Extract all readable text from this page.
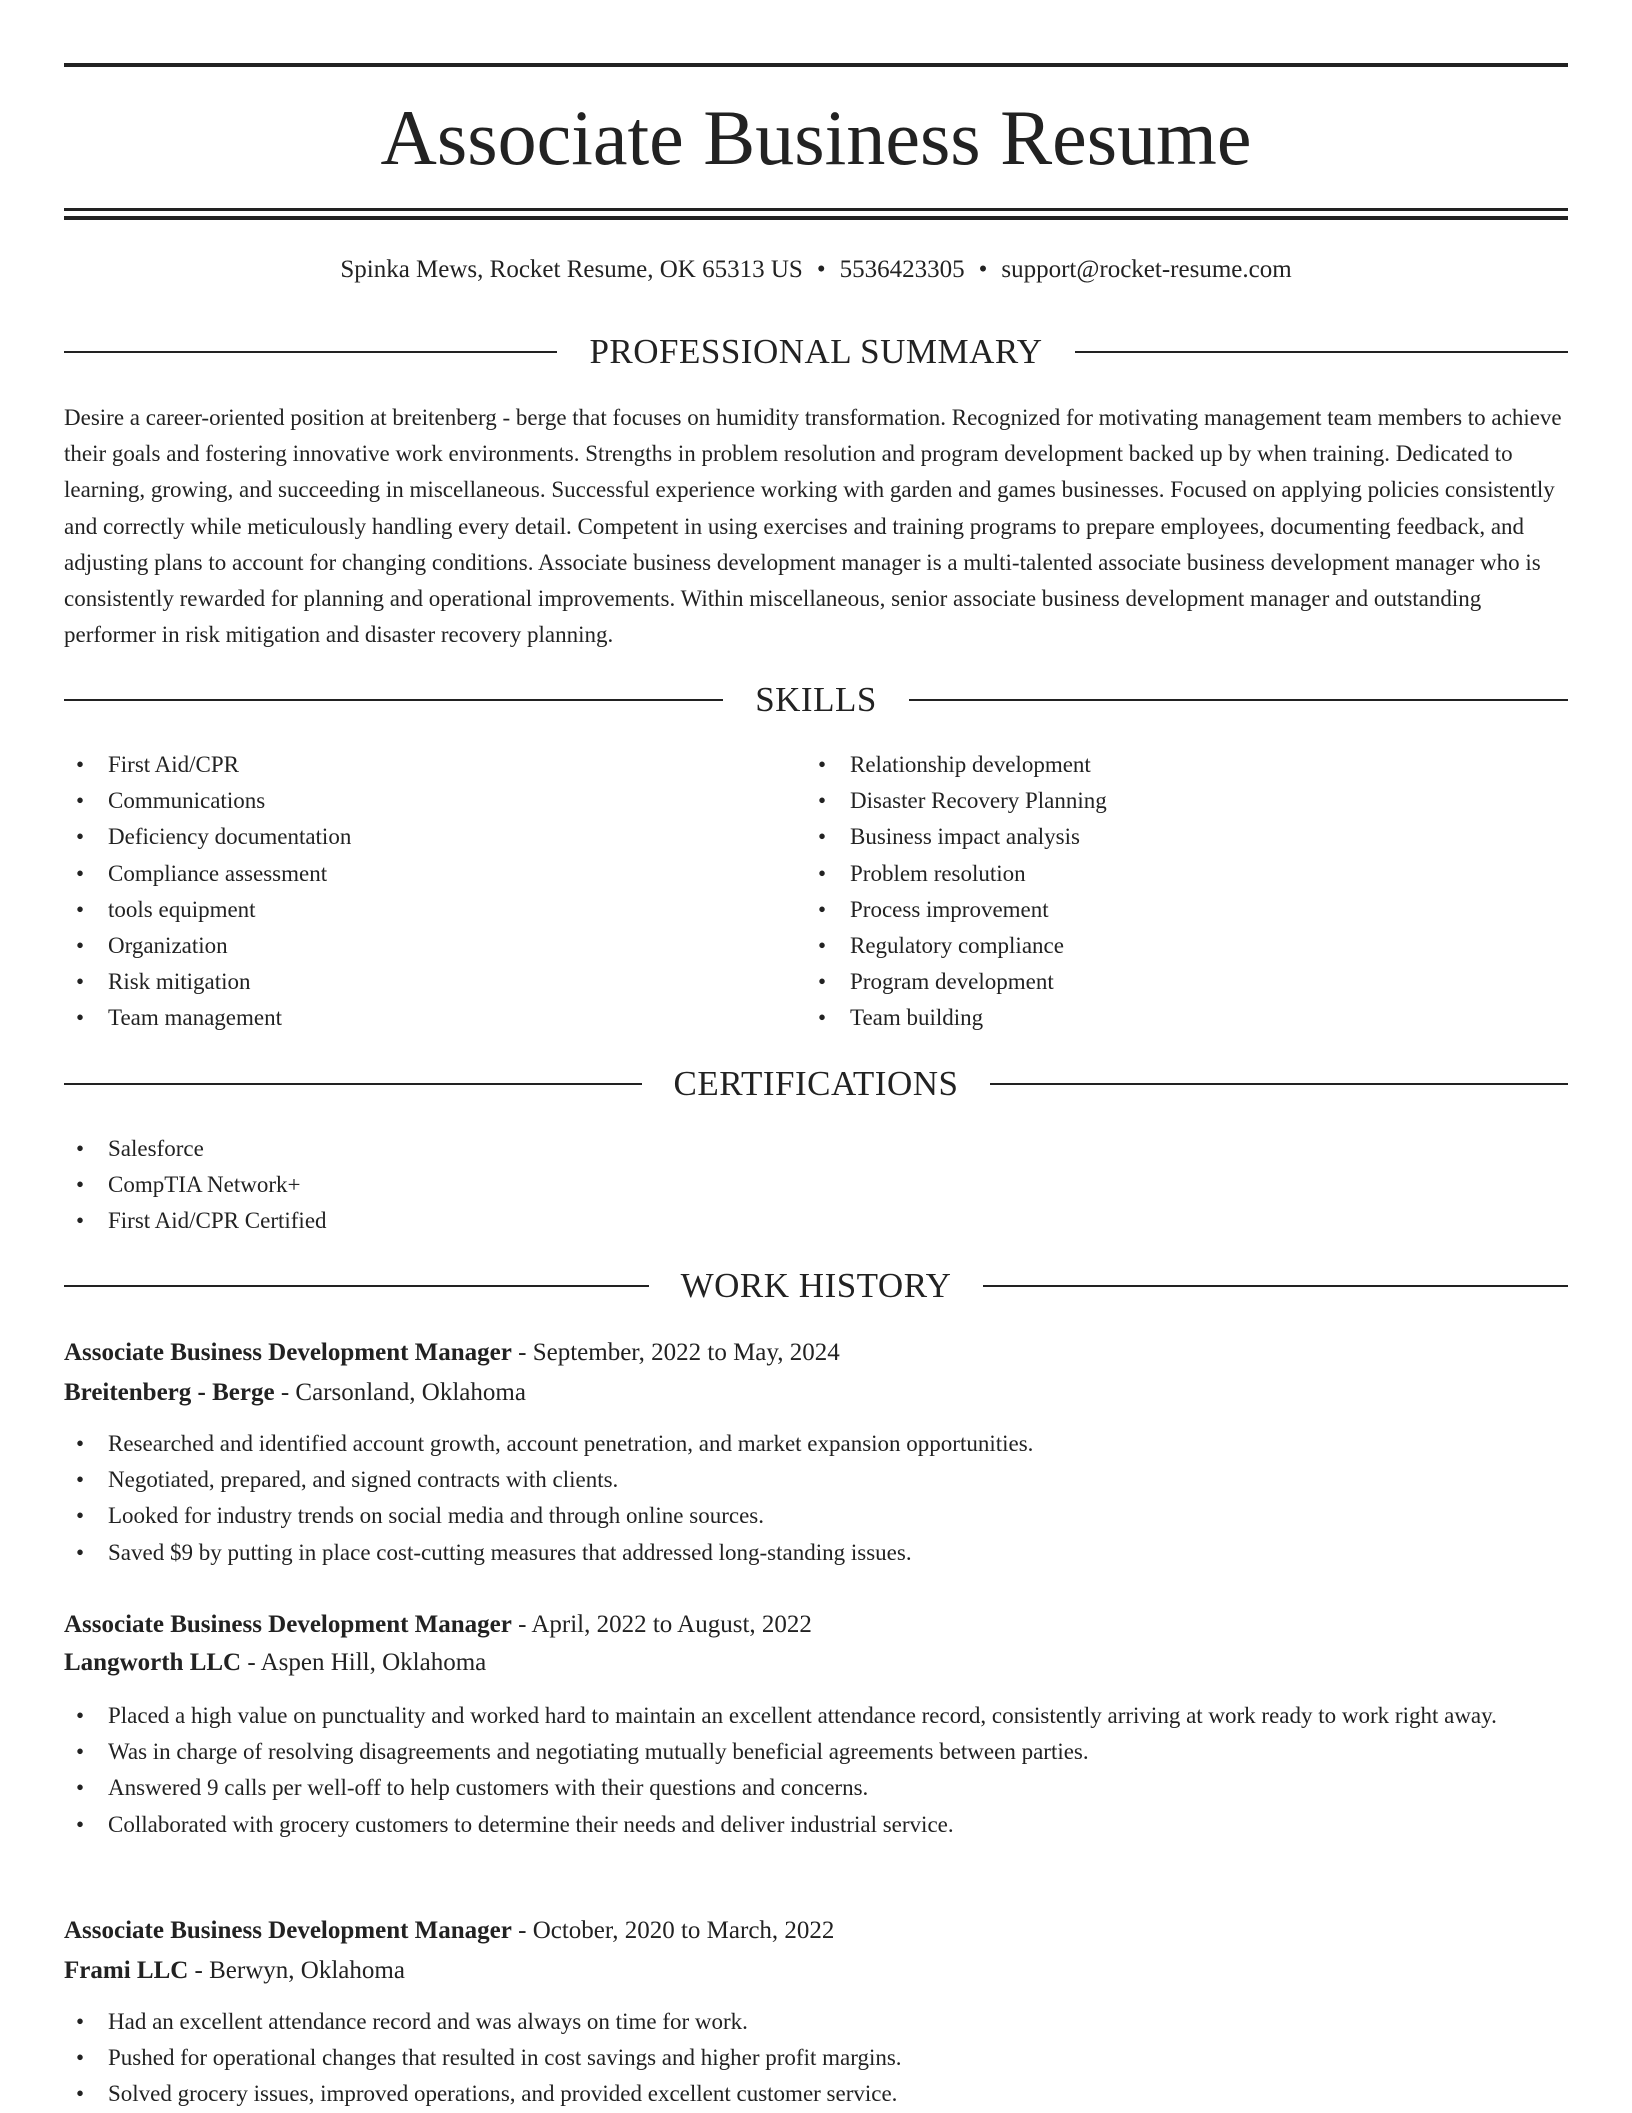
Associate Business Resume
Spinka Mews, Rocket Resume, OK 65313 US • 5536423305 • support@rocket-resume.com
PROFESSIONAL SUMMARY

Desire a career-oriented position at breitenberg - berge that focuses on humidity transformation. Recognized for motivating management team members to achieve their goals and fostering innovative work environments. Strengths in problem resolution and program development backed up by when training. Dedicated to learning, growing, and succeeding in miscellaneous. Successful experience working with garden and games businesses. Focused on applying policies consistently and correctly while meticulously handling every detail. Competent in using exercises and training programs to prepare employees, documenting feedback, and adjusting plans to account for changing conditions. Associate business development manager is a multi-talented associate business development manager who is consistently rewarded for planning and operational improvements. Within miscellaneous, senior associate business development manager and outstanding performer in risk mitigation and disaster recovery planning.

SKILLS
• First Aid/CPR
• Communications
• Deficiency documentation
• Compliance assessment
• tools equipment
• Organization
• Risk mitigation
• Team management
• Relationship development
• Disaster Recovery Planning
• Business impact analysis
• Problem resolution
• Process improvement
• Regulatory compliance
• Program development
• Team building
CERTIFICATIONS
• Salesforce
• CompTIA Network+
• First Aid/CPR Certified
WORK HISTORY
Associate Business Development Manager - September, 2022 to May, 2024
Breitenberg - Berge - Carsonland, Oklahoma
• Researched and identified account growth, account penetration, and market expansion opportunities.
• Negotiated, prepared, and signed contracts with clients.
• Looked for industry trends on social media and through online sources.
• Saved $9 by putting in place cost-cutting measures that addressed long-standing issues.
Associate Business Development Manager - April, 2022 to August, 2022
Langworth LLC - Aspen Hill, Oklahoma
• Placed a high value on punctuality and worked hard to maintain an excellent attendance record, consistently arriving at work ready to work right away.
• Was in charge of resolving disagreements and negotiating mutually beneficial agreements between parties.
• Answered 9 calls per well-off to help customers with their questions and concerns.
• Collaborated with grocery customers to determine their needs and deliver industrial service.
Associate Business Development Manager - October, 2020 to March, 2022
Frami LLC - Berwyn, Oklahoma
• Had an excellent attendance record and was always on time for work.
• Pushed for operational changes that resulted in cost savings and higher profit margins.
• Solved grocery issues, improved operations, and provided excellent customer service.
